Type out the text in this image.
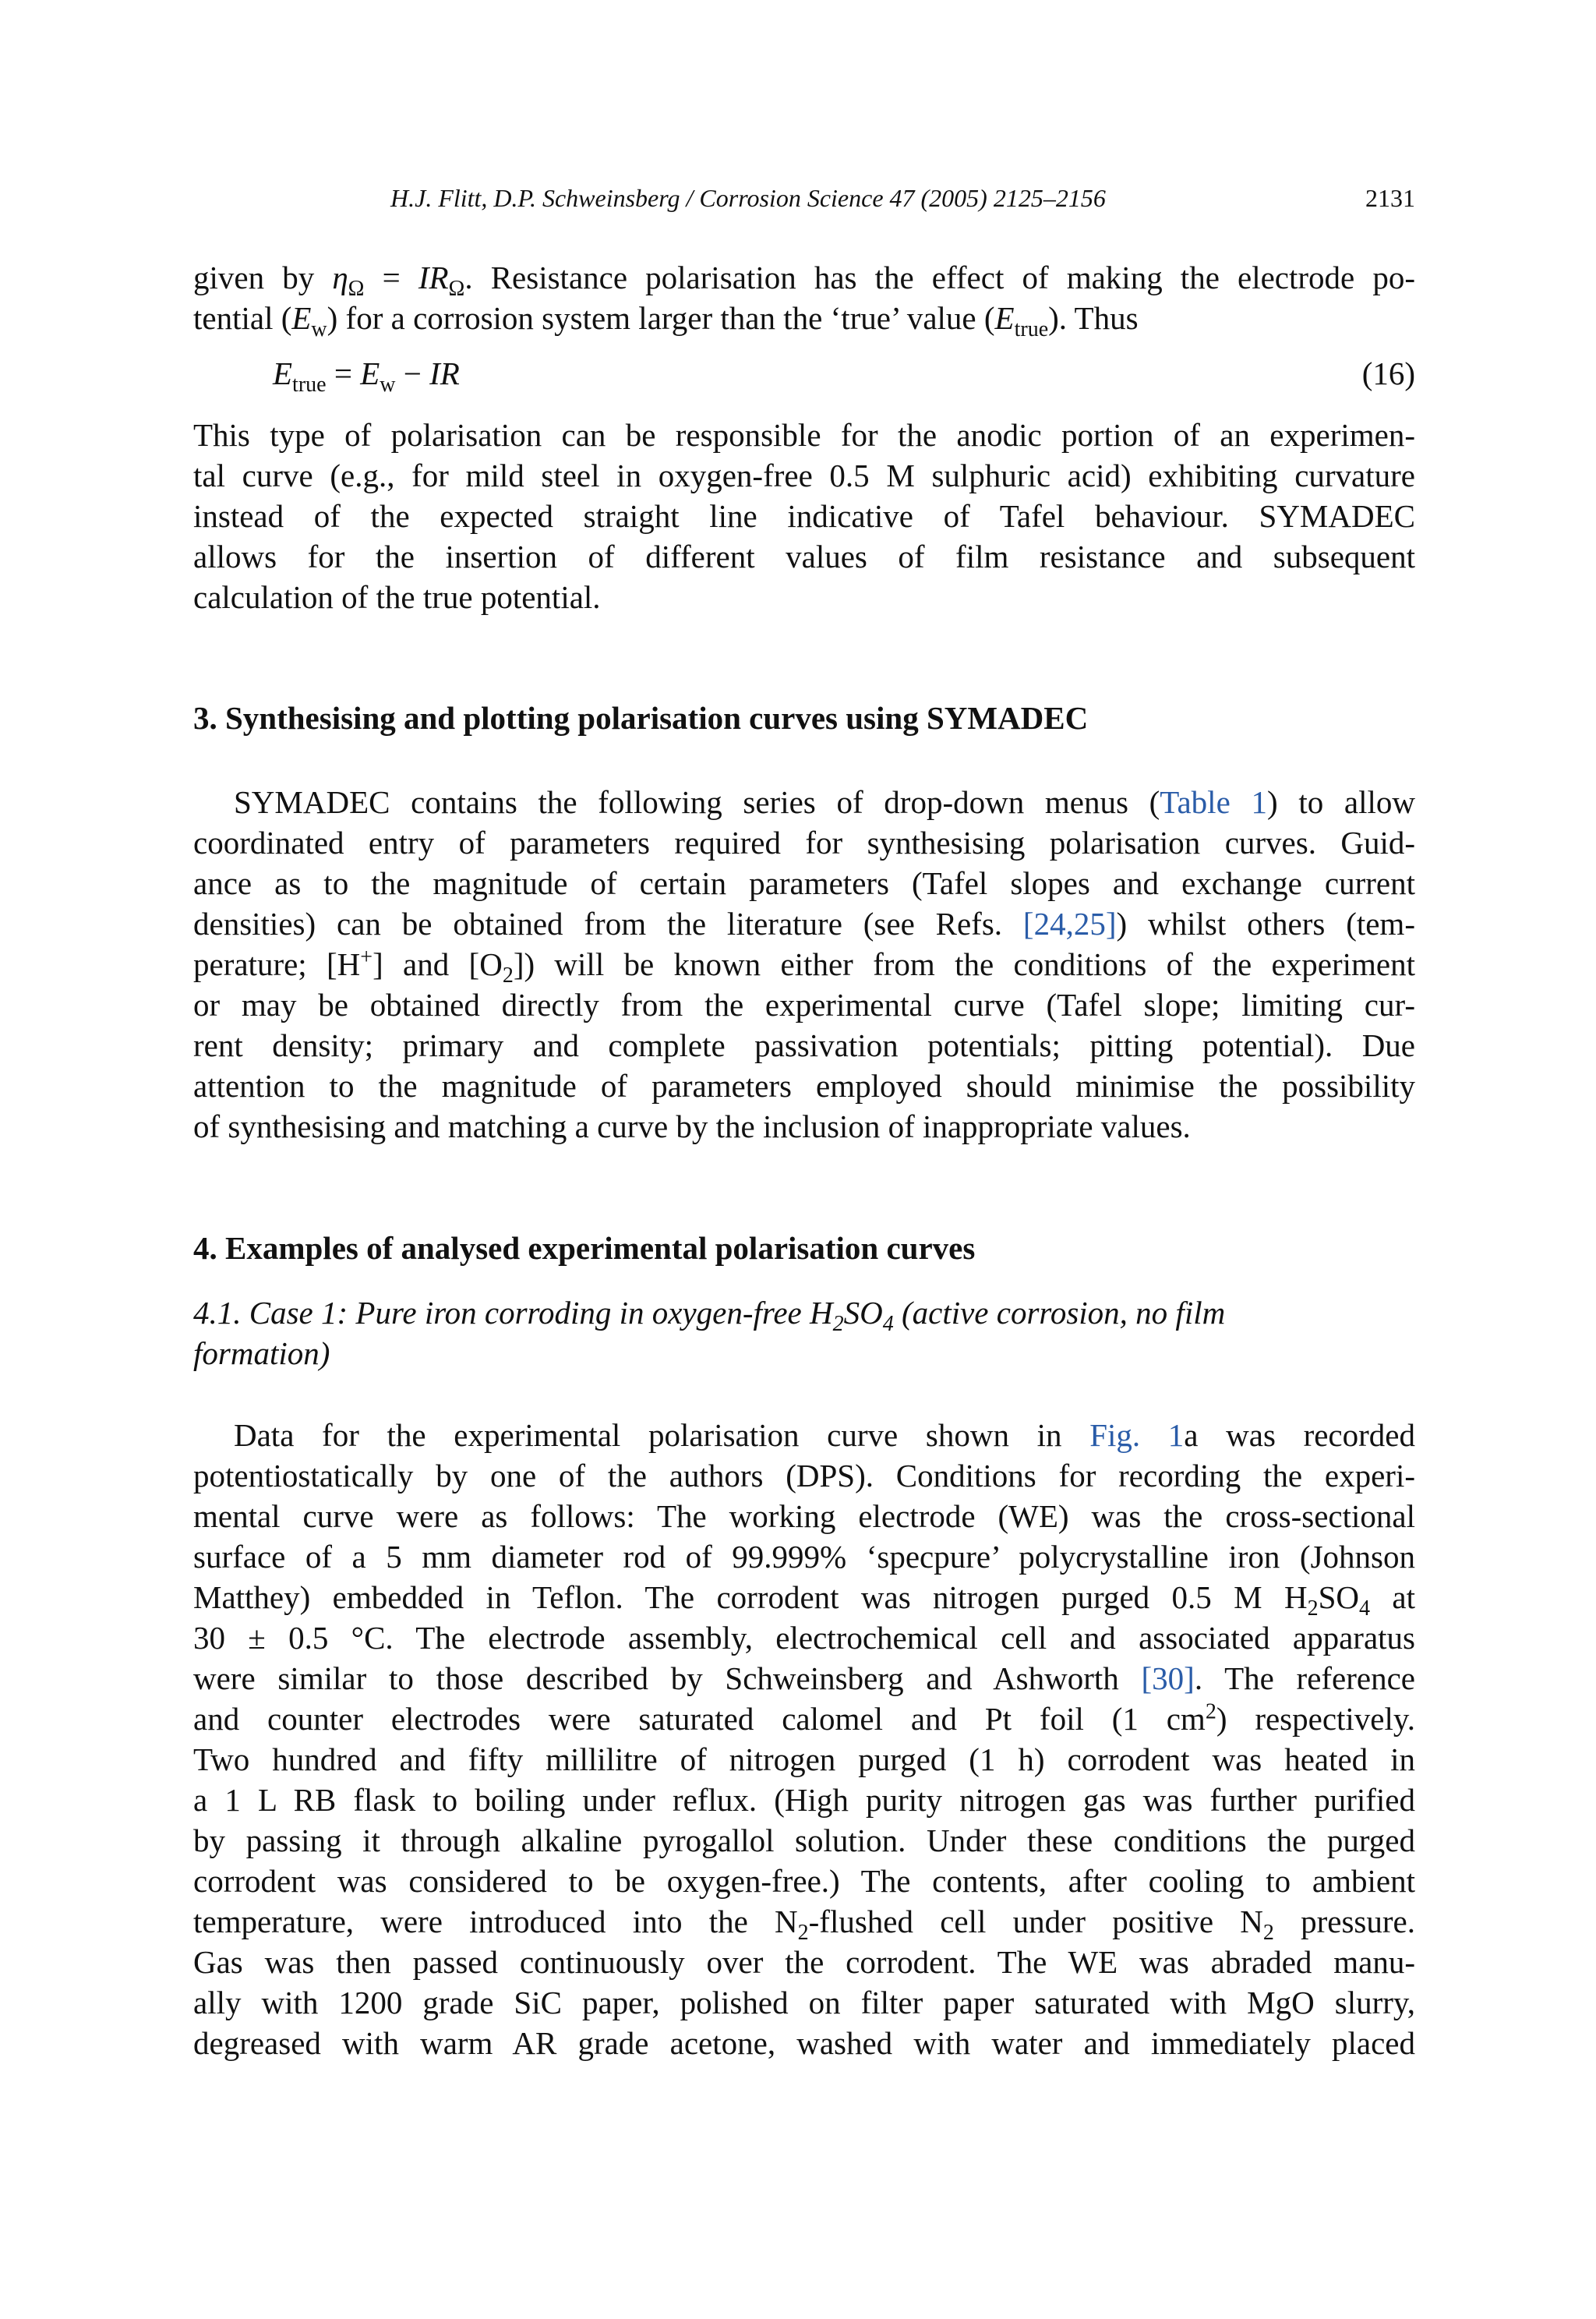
H.J. Flitt, D.P. Schweinsberg / Corrosion Science 47 (2005) 2125–2156	2131
given by $\eta_\Omega = IR_\Omega$. Resistance polarisation has the effect of making the electrode po-
tential $(E_w)$ for a corrosion system larger than the ‘true’ value $(E_{true})$. Thus
$E_{true} = E_w$ − IR	(16)
This type of polarisation can be responsible for the anodic portion of an experimen-
tal curve (e.g., for mild steel in oxygen-free 0.5 M sulphuric acid) exhibiting curvature
instead of the expected straight line indicative of Tafel behaviour. SYMADEC
allows for the insertion of different values of film resistance and subsequent
calculation of the true potential.
3. Synthesising and plotting polarisation curves using SYMADEC
SYMADEC contains the following series of drop-down menus (Table 1) to allow
coordinated entry of parameters required for synthesising polarisation curves. Guid-
ance as to the magnitude of certain parameters (Tafel slopes and exchange current
densities) can be obtained from the literature (see Refs. [24,25]) whilst others (tem-
perature; [H+] and $[O_2]$) will be known either from the conditions of the experiment
or may be obtained directly from the experimental curve (Tafel slope; limiting cur-
rent density; primary and complete passivation potentials; pitting potential). Due
attention to the magnitude of parameters employed should minimise the possibility
of synthesising and matching a curve by the inclusion of inappropriate values.
4. Examples of analysed experimental polarisation curves
4.1. Case 1: Pure iron corroding in oxygen-free $H_2SO_4$ (active corrosion, no film
formation)
Data for the experimental polarisation curve shown in Fig. 1a was recorded
potentiostatically by one of the authors (DPS). Conditions for recording the experi-
mental curve were as follows: The working electrode (WE) was the cross-sectional
surface of a 5 mm diameter rod of 99.999% ‘specpure’ polycrystalline iron (Johnson
Matthey) embedded in Teflon. The corrodent was nitrogen purged 0.5 M $H_2SO_4$ at
30 ± 0.5 °C. The electrode assembly, electrochemical cell and associated apparatus
were similar to those described by Schweinsberg and Ashworth [30]. The reference
and counter electrodes were saturated calomel and Pt foil (1 $cm^2$) respectively.
Two hundred and fifty millilitre of nitrogen purged (1 h) corrodent was heated in
a 1 L RB flask to boiling under reflux. (High purity nitrogen gas was further purified
by passing it through alkaline pyrogallol solution. Under these conditions the purged
corrodent was considered to be oxygen-free.) The contents, after cooling to ambient
temperature, were introduced into the $N_2$-flushed cell under positive $N_2$ pressure.
Gas was then passed continuously over the corrodent. The WE was abraded manu-
ally with 1200 grade SiC paper, polished on filter paper saturated with MgO slurry,
degreased with warm AR grade acetone, washed with water and immediately placed
